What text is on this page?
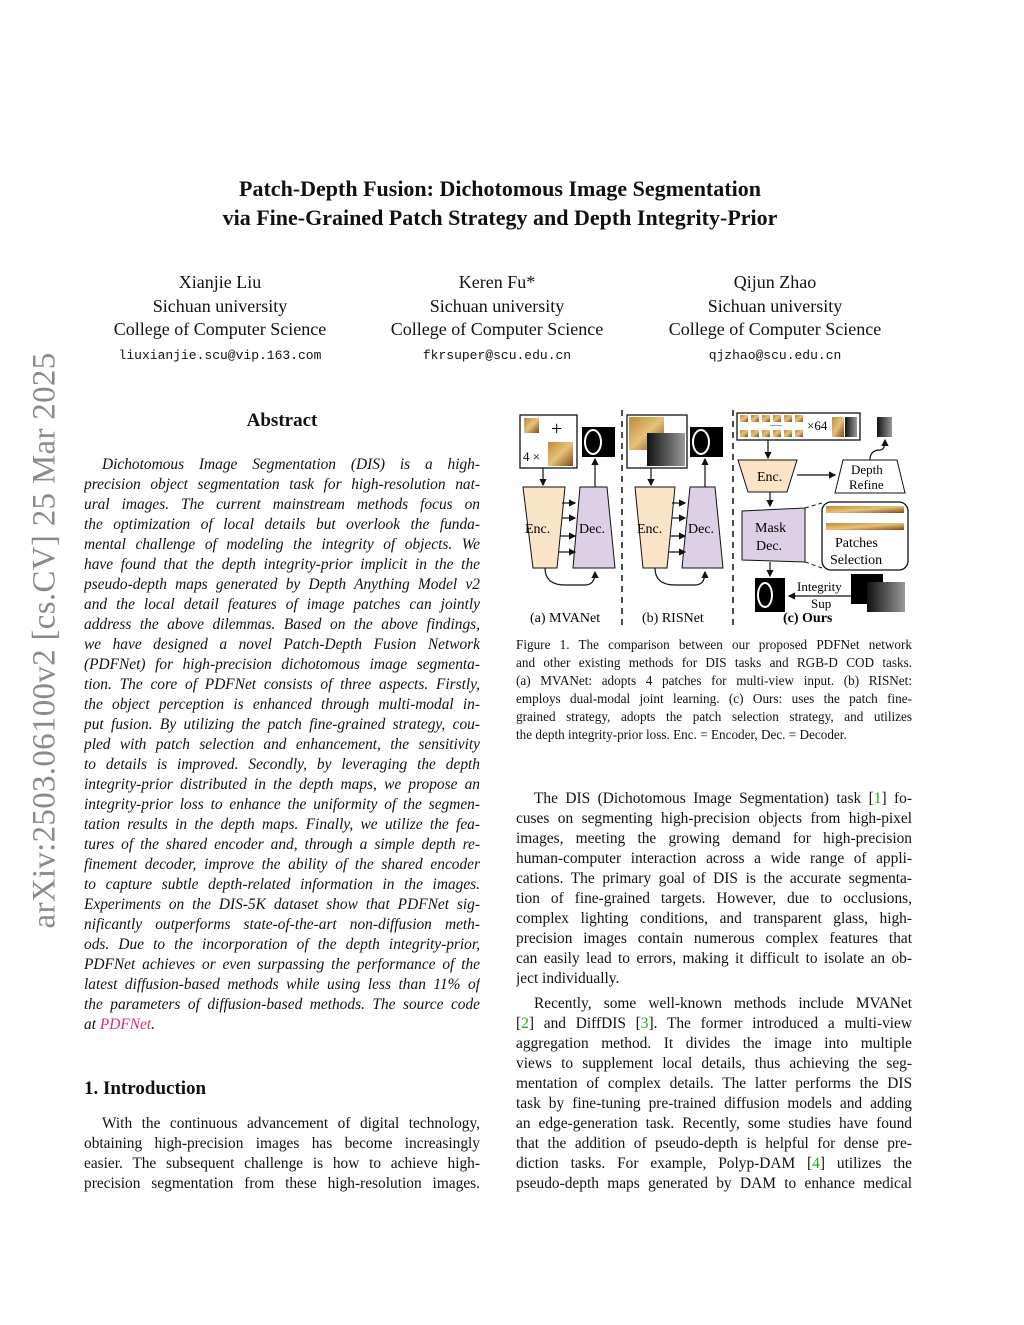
arXiv:2503.06100v2 [cs.CV] 25 Mar 2025
Patch-Depth Fusion: Dichotomous Image Segmentation
via Fine-Grained Patch Strategy and Depth Integrity-Prior
Xianjie Liu
Sichuan university
College of Computer Science
liuxianjie.scu@vip.163.com
Keren Fu*
Sichuan university
College of Computer Science
fkrsuper@scu.edu.cn
Qijun Zhao
Sichuan university
College of Computer Science
qjzhao@scu.edu.cn
Abstract
Dichotomous Image Segmentation (DIS) is a high-
precision object segmentation task for high-resolution nat-
ural images. The current mainstream methods focus on
the optimization of local details but overlook the funda-
mental challenge of modeling the integrity of objects. We
have found that the depth integrity-prior implicit in the the
pseudo-depth maps generated by Depth Anything Model v2
and the local detail features of image patches can jointly
address the above dilemmas. Based on the above findings,
we have designed a novel Patch-Depth Fusion Network
(PDFNet) for high-precision dichotomous image segmenta-
tion. The core of PDFNet consists of three aspects. Firstly,
the object perception is enhanced through multi-modal in-
put fusion. By utilizing the patch fine-grained strategy, cou-
pled with patch selection and enhancement, the sensitivity
to details is improved. Secondly, by leveraging the depth
integrity-prior distributed in the depth maps, we propose an
integrity-prior loss to enhance the uniformity of the segmen-
tation results in the depth maps. Finally, we utilize the fea-
tures of the shared encoder and, through a simple depth re-
finement decoder, improve the ability of the shared encoder
to capture subtle depth-related information in the images.
Experiments on the DIS-5K dataset show that PDFNet sig-
nificantly outperforms state-of-the-art non-diffusion meth-
ods. Due to the incorporation of the depth integrity-prior,
PDFNet achieves or even surpassing the performance of the
latest diffusion-based methods while using less than 11% of
the parameters of diffusion-based methods. The source code
at PDFNet.
1. Introduction
With the continuous advancement of digital technology,
obtaining high-precision images has become increasingly
easier. The subsequent challenge is how to achieve high-
precision segmentation from these high-resolution images.
+
4 ×
Enc. Dec.
(a) MVANet
Enc. Dec.
(b) RISNet
...... ×64
Enc.
Depth
Refine
Mask
Dec.	Patches
Selection
Integrity
Sup
(c) Ours
Figure 1. The comparison between our proposed PDFNet network
and other existing methods for DIS tasks and RGB-D COD tasks.
(a) MVANet: adopts 4 patches for multi-view input. (b) RISNet:
employs dual-modal joint learning. (c) Ours: uses the patch fine-
grained strategy, adopts the patch selection strategy, and utilizes
the depth integrity-prior loss. Enc. = Encoder, Dec. = Decoder.
The DIS (Dichotomous Image Segmentation) task [1] fo-
cuses on segmenting high-precision objects from high-pixel
images, meeting the growing demand for high-precision
human-computer interaction across a wide range of appli-
cations. The primary goal of DIS is the accurate segmenta-
tion of fine-grained targets. However, due to occlusions,
complex lighting conditions, and transparent glass, high-
precision images contain numerous complex features that
can easily lead to errors, making it difficult to isolate an ob-
ject individually.
Recently, some well-known methods include MVANet
[2] and DiffDIS [3]. The former introduced a multi-view
aggregation method. It divides the image into multiple
views to supplement local details, thus achieving the seg-
mentation of complex details. The latter performs the DIS
task by fine-tuning pre-trained diffusion models and adding
an edge-generation task. Recently, some studies have found
that the addition of pseudo-depth is helpful for dense pre-
diction tasks. For example, Polyp-DAM [4] utilizes the
pseudo-depth maps generated by DAM to enhance medical
